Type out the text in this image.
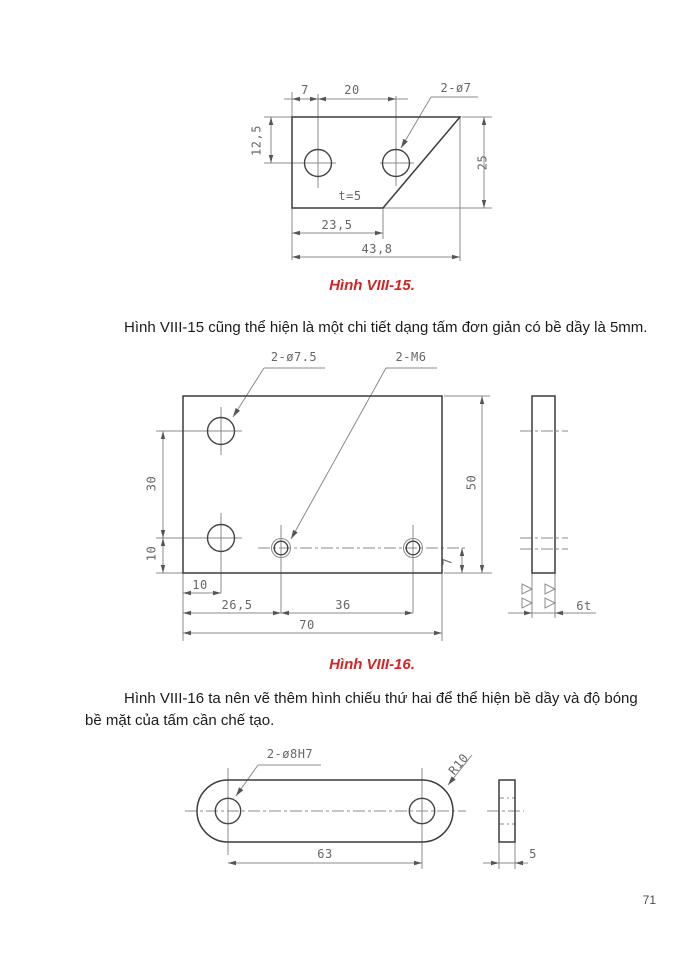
7	20	2-ø7
12,5
25
t=5
23,5
43,8
Hình VIII-15.

Hình VIII-15 cũng thể hiện là một chi tiết dạng tấm đơn giản có bề dầy là 5mm.

2-ø7.5	2-M6
30
10
10
26,5	36
70
7
50
6t
Hình VIII-16.
Hình VIII-16 ta nên vẽ thêm hình chiếu thứ hai để thể hiện bề dầy và độ bóng
bề mặt của tấm cần chế tạo.
2-ø8H7	R10
63	5
71
